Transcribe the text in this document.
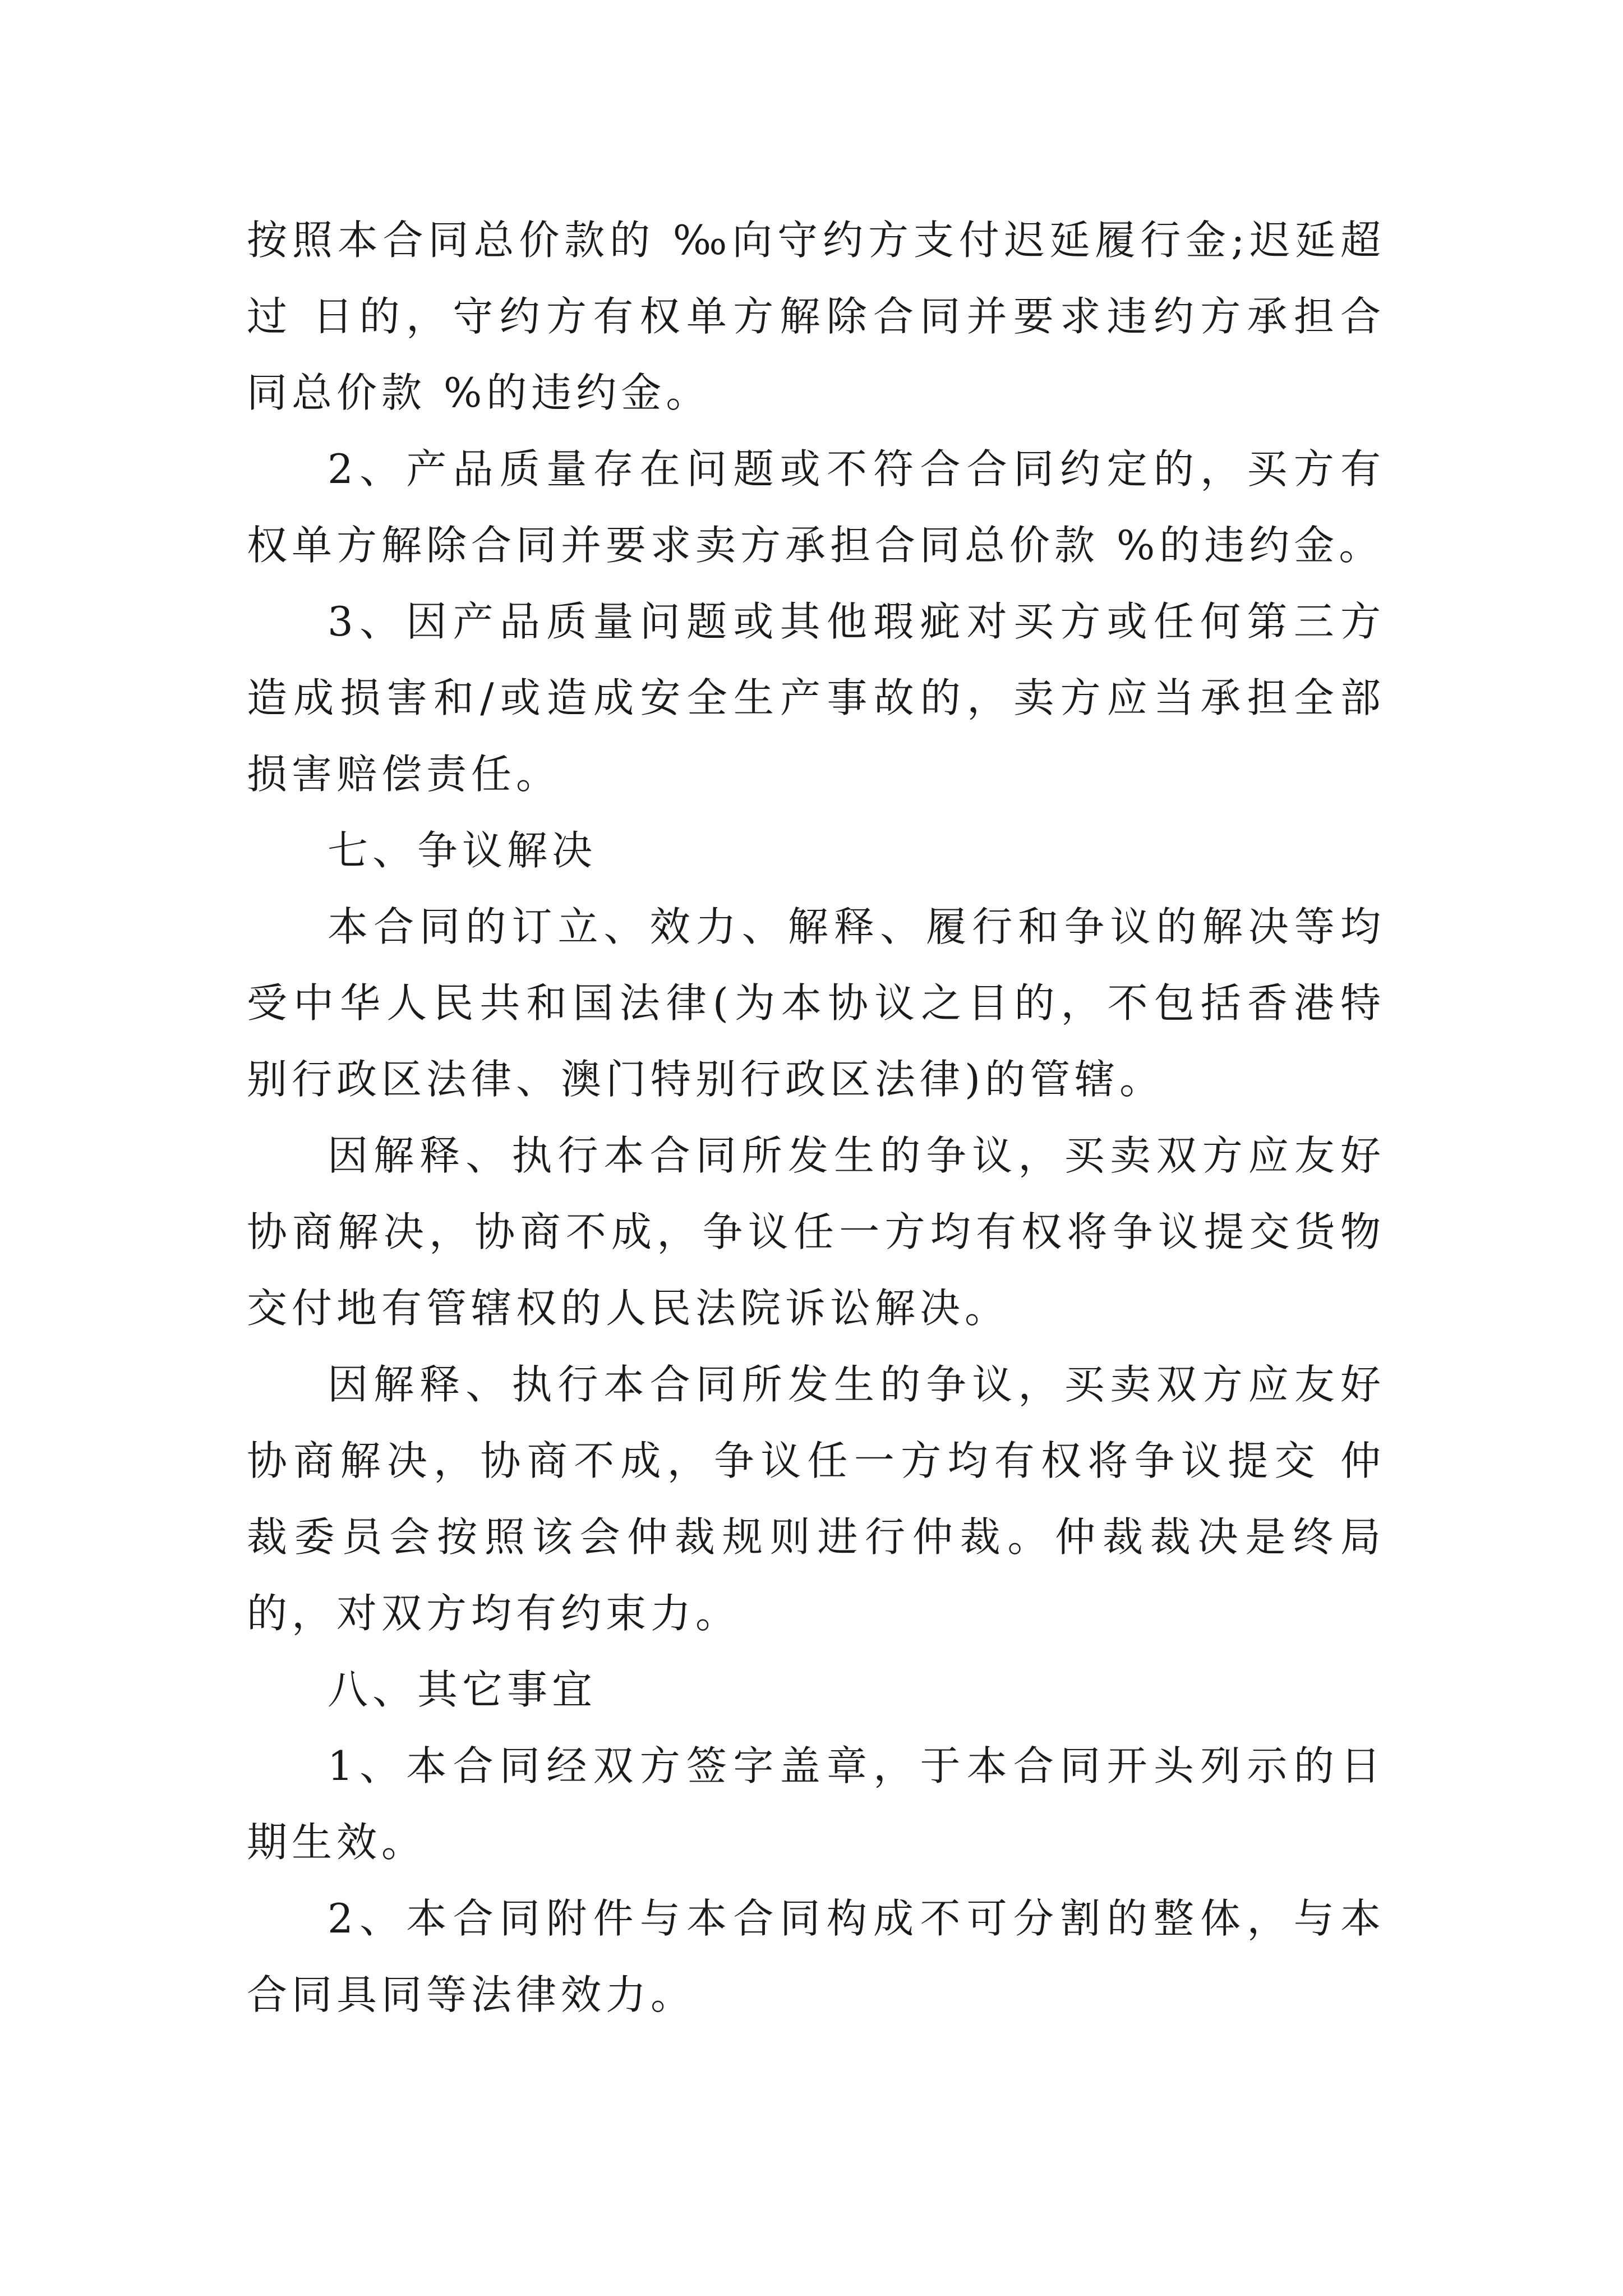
按照本合同总价款的 ‰向守约方支付迟延履行金;迟延超过 日的，守约方有权单方解除合同并要求违约方承担合同总价款 %的违约金。

2、产品质量存在问题或不符合合同约定的，买方有权单方解除合同并要求卖方承担合同总价款 %的违约金。

3、因产品质量问题或其他瑕疵对买方或任何第三方造成损害和/或造成安全生产事故的，卖方应当承担全部损害赔偿责任。

七、争议解决

本合同的订立、效力、解释、履行和争议的解决等均受中华人民共和国法律(为本协议之目的，不包括香港特别行政区法律、澳门特别行政区法律)的管辖。

因解释、执行本合同所发生的争议，买卖双方应友好协商解决，协商不成，争议任一方均有权将争议提交货物交付地有管辖权的人民法院诉讼解决。

因解释、执行本合同所发生的争议，买卖双方应友好协商解决，协商不成，争议任一方均有权将争议提交 仲裁委员会按照该会仲裁规则进行仲裁。仲裁裁决是终局的，对双方均有约束力。

八、其它事宜

1、本合同经双方签字盖章，于本合同开头列示的日期生效。

2、本合同附件与本合同构成不可分割的整体，与本合同具同等法律效力。
